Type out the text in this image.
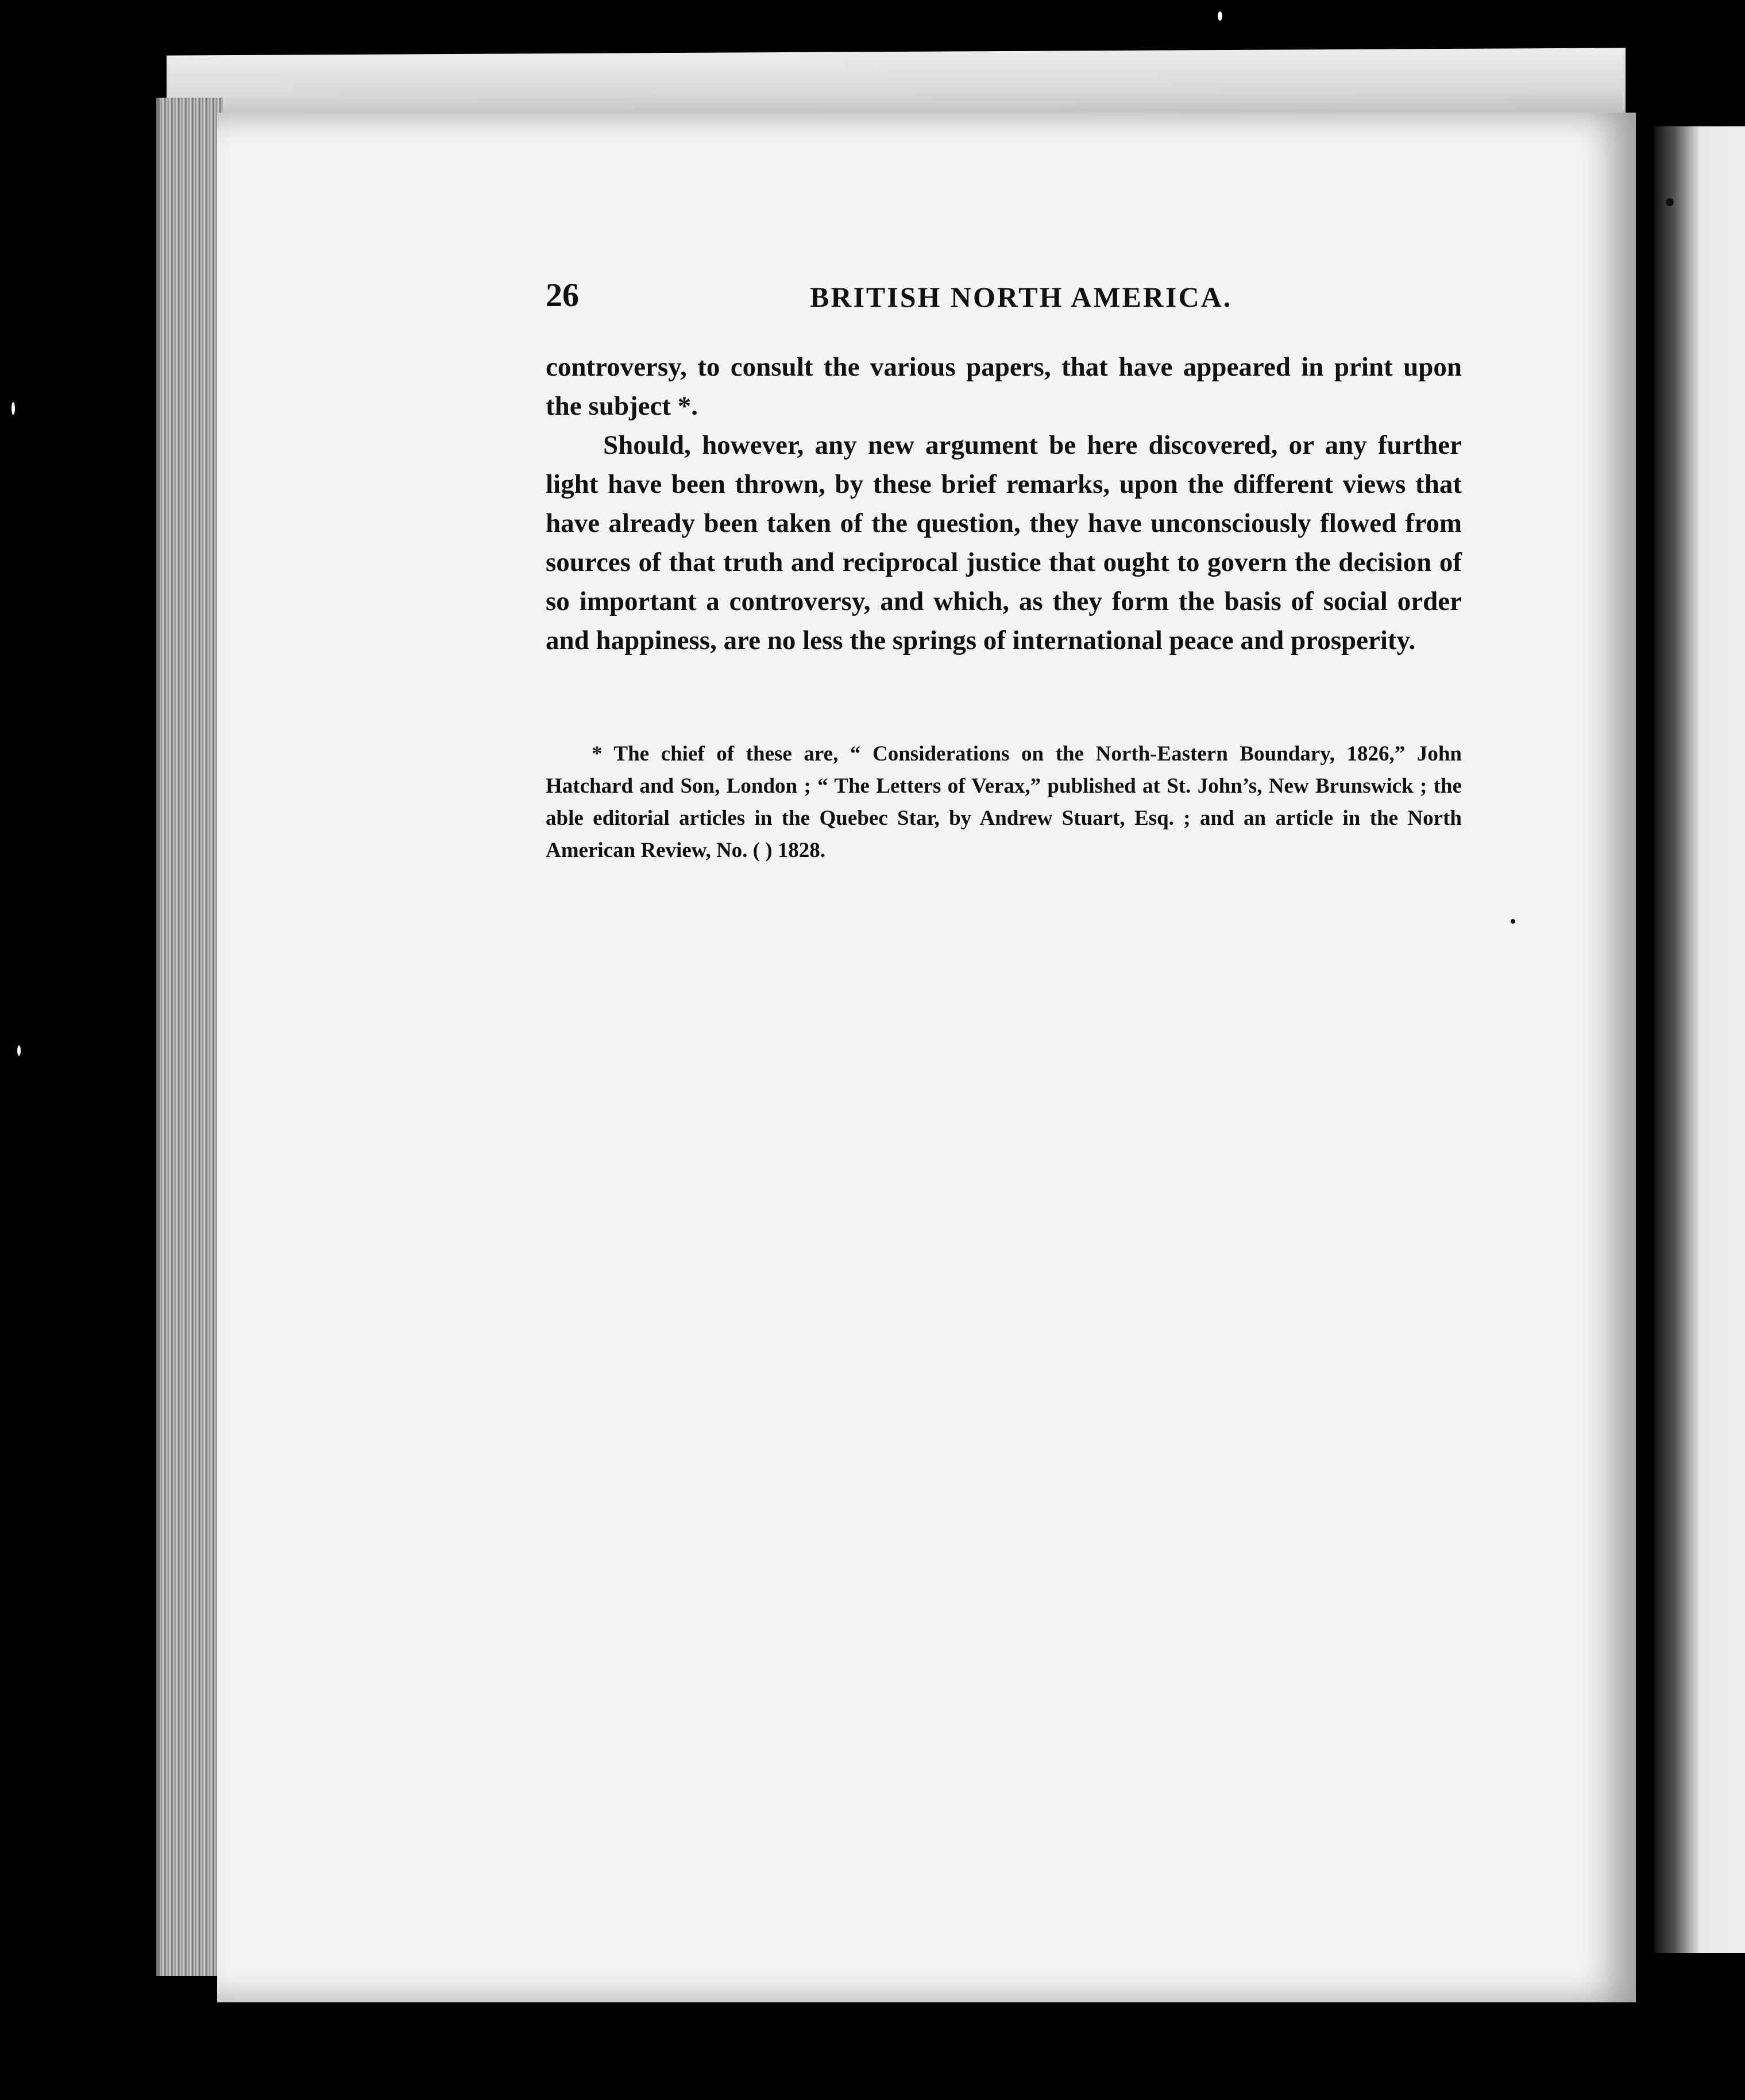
26	BRITISH NORTH AMERICA.

controversy, to consult the various papers, that have appeared in print upon the subject *.

Should, however, any new argument be here discovered, or any further light have been thrown, by these brief remarks, upon the different views that have already been taken of the question, they have unconsciously flowed from sources of that truth and reciprocal justice that ought to govern the decision of so important a controversy, and which, as they form the basis of social order and happiness, are no less the springs of international peace and prosperity.

* The chief of these are, “ Considerations on the North-Eastern Boundary, 1826,” John Hatchard and Son, London ; “ The Letters of Verax,” published at St. John’s, New Brunswick ; the able editorial articles in the Quebec Star, by Andrew Stuart, Esq. ; and an article in the North American Review, No. ( ) 1828.
